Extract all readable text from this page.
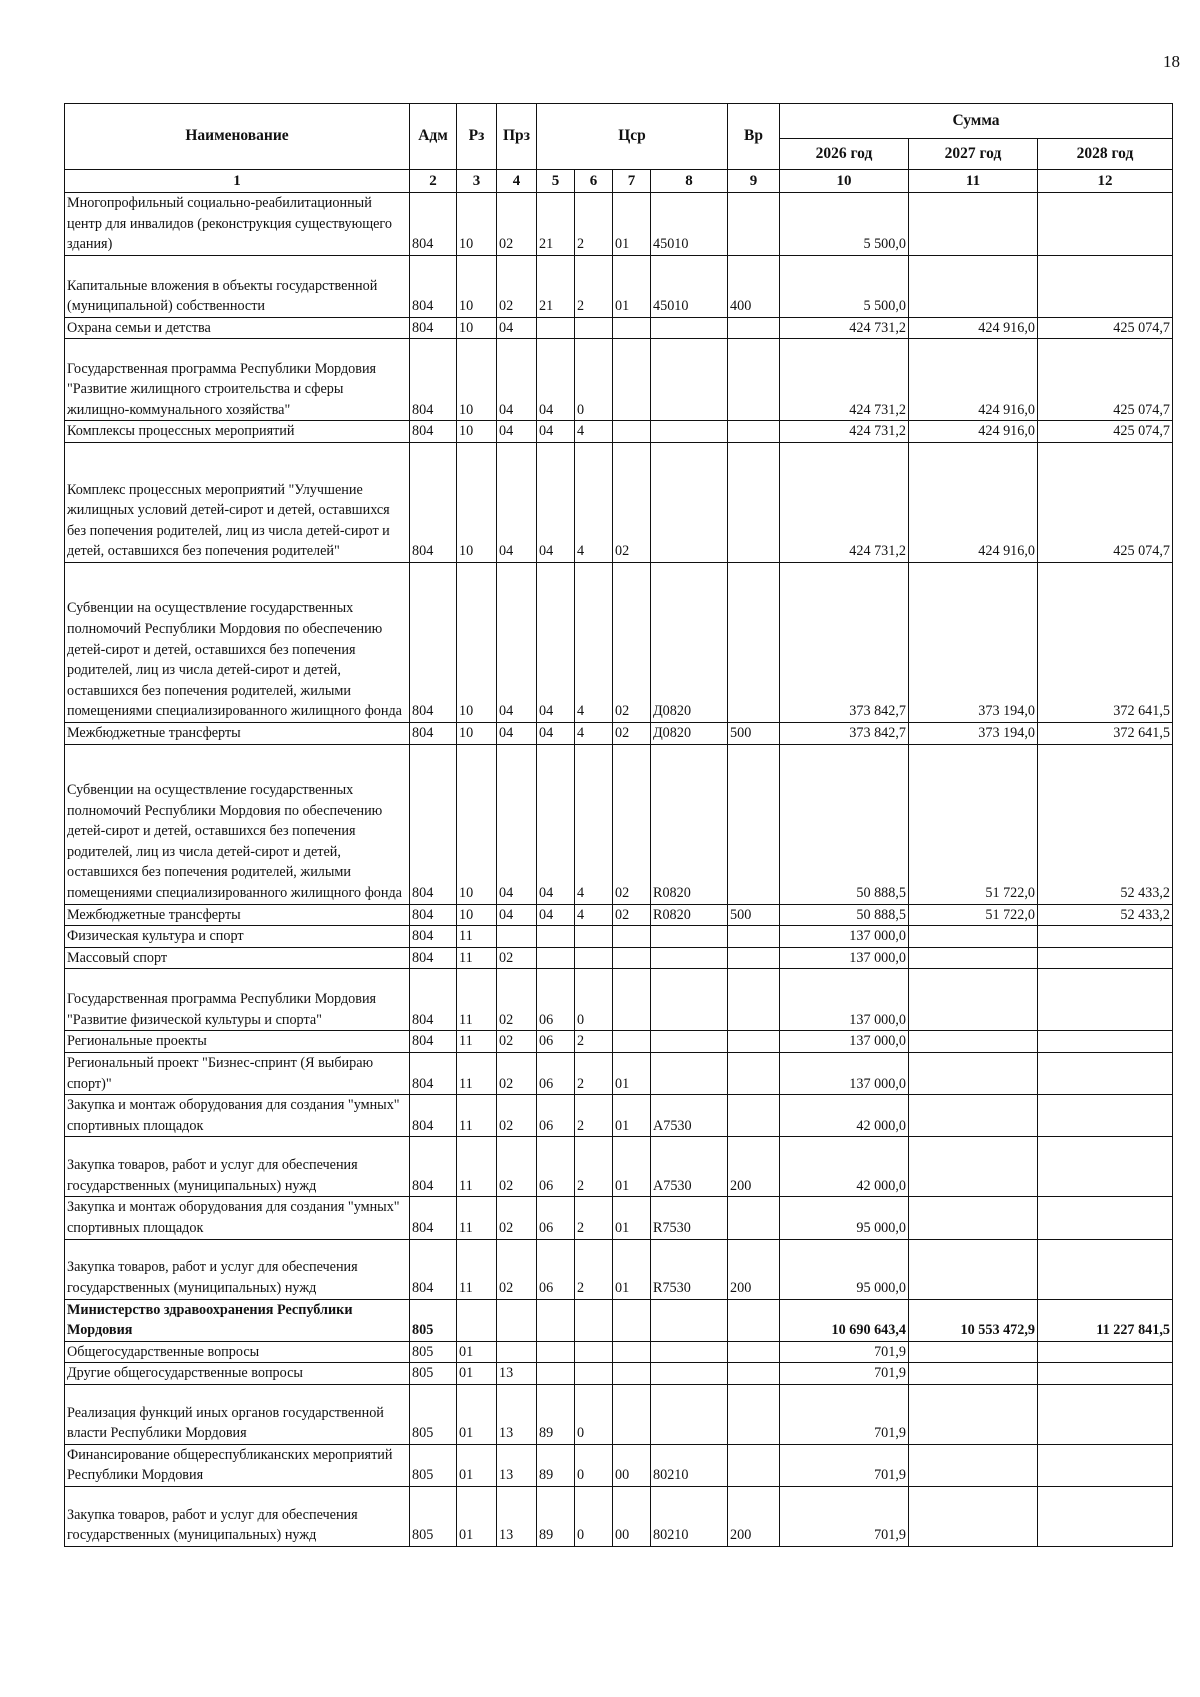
18
Наименование	Адм	Рз	Прз	Цср				Вр	Сумма		
									2026 год	2027 год	2028 год
1	2	3	4	5	6	7	8	9	10	11	12
Многопрофильный социально-реабилитационный центр для инвалидов (реконструкция существующего здания)	804	10	02	21	2	01	45010		5 500,0		
Капитальные вложения в объекты государственной (муниципальной) собственности	804	10	02	21	2	01	45010	400	5 500,0		
Охрана семьи и детства	804	10	04						424 731,2	424 916,0	425 074,7
Государственная программа Республики Мордовия "Развитие жилищного строительства и сферы жилищно-коммунального хозяйства"	804	10	04	04	0				424 731,2	424 916,0	425 074,7
Комплексы процессных мероприятий	804	10	04	04	4				424 731,2	424 916,0	425 074,7
Комплекс процессных мероприятий "Улучшение жилищных условий детей-сирот и детей, оставшихся без попечения родителей, лиц из числа детей-сирот и детей, оставшихся без попечения родителей"	804	10	04	04	4	02			424 731,2	424 916,0	425 074,7
Субвенции на осуществление государственных полномочий Республики Мордовия по обеспечению детей-сирот и детей, оставшихся без попечения родителей, лиц из числа детей-сирот и детей, оставшихся без попечения родителей, жилыми помещениями специализированного жилищного фонда	804	10	04	04	4	02	Д0820		373 842,7	373 194,0	372 641,5
Межбюджетные трансферты	804	10	04	04	4	02	Д0820	500	373 842,7	373 194,0	372 641,5
Субвенции на осуществление государственных полномочий Республики Мордовия по обеспечению детей-сирот и детей, оставшихся без попечения родителей, лиц из числа детей-сирот и детей, оставшихся без попечения родителей, жилыми помещениями специализированного жилищного фонда	804	10	04	04	4	02	R0820		50 888,5	51 722,0	52 433,2
Межбюджетные трансферты	804	10	04	04	4	02	R0820	500	50 888,5	51 722,0	52 433,2
Физическая культура и спорт	804	11							137 000,0		
Массовый спорт	804	11	02						137 000,0		
Государственная программа Республики Мордовия "Развитие физической культуры и спорта"	804	11	02	06	0				137 000,0		
Региональные проекты	804	11	02	06	2				137 000,0		
Региональный проект "Бизнес-спринт (Я выбираю спорт)"	804	11	02	06	2	01			137 000,0		
Закупка и монтаж оборудования для создания "умных" спортивных площадок	804	11	02	06	2	01	A7530		42 000,0		
Закупка товаров, работ и услуг для обеспечения государственных (муниципальных) нужд	804	11	02	06	2	01	A7530	200	42 000,0		
Закупка и монтаж оборудования для создания "умных" спортивных площадок	804	11	02	06	2	01	R7530		95 000,0		
Закупка товаров, работ и услуг для обеспечения государственных (муниципальных) нужд	804	11	02	06	2	01	R7530	200	95 000,0		
Министерство здравоохранения Республики Мордовия	805								10 690 643,4	10 553 472,9	11 227 841,5
Общегосударственные вопросы	805	01							701,9		
Другие общегосударственные вопросы	805	01	13						701,9		
Реализация функций иных органов государственной власти Республики Мордовия	805	01	13	89	0				701,9		
Финансирование общереспубликанских мероприятий Республики Мордовия	805	01	13	89	0	00	80210		701,9		
Закупка товаров, работ и услуг для обеспечения государственных (муниципальных) нужд	805	01	13	89	0	00	80210	200	701,9		
